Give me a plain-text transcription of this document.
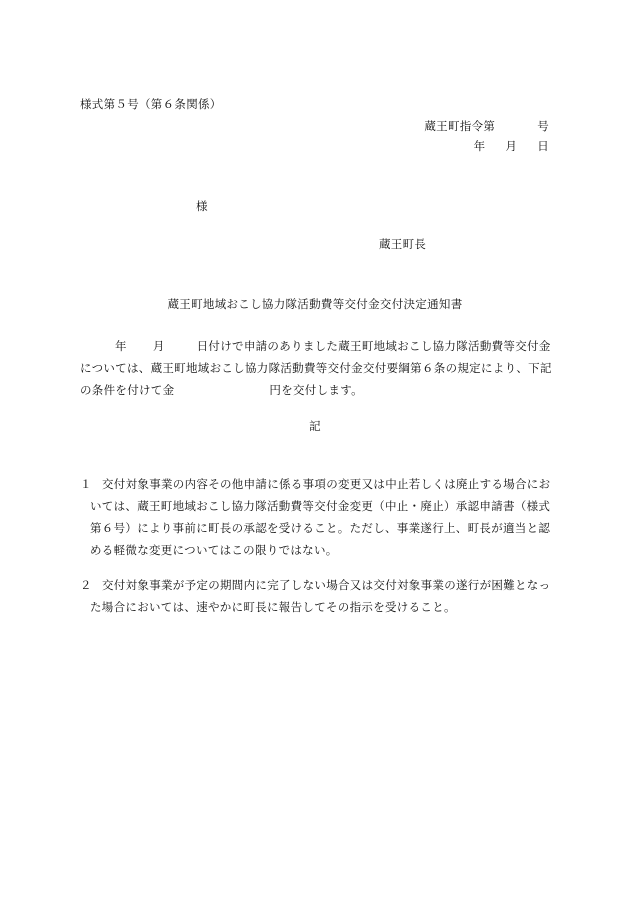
様式第５号（第６条関係）
蔵王町指令第	号
年 月 日
様
蔵王町長
蔵王町地域おこし協力隊活動費等交付金交付決定通知書
年 月	日付けで申請のありました蔵王町地域おこし協力隊活動費等交付金については、蔵王町地域おこし協力隊活動費等交付金交付要綱第６条の規定により、下記の条件を付けて金	円を交付します。
記
１ 交付対象事業の内容その他申請に係る事項の変更又は中止若しくは廃止する場合においては、蔵王町地域おこし協力隊活動費等交付金変更（中止・廃止）承認申請書（様式第６号）により事前に町長の承認を受けること。ただし、事業遂行上、町長が適当と認める軽微な変更についてはこの限りではない。
２ 交付対象事業が予定の期間内に完了しない場合又は交付対象事業の遂行が困難となった場合においては、速やかに町長に報告してその指示を受けること。
